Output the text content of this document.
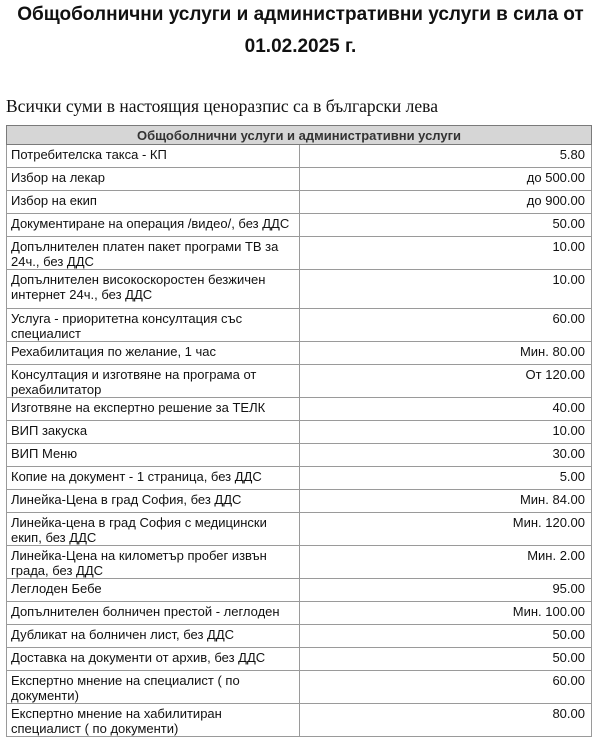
Общоболнични услуги и административни услуги в сила от
01.02.2025 г.
Всички суми в настоящия ценоразпис са в български лева
Общоболнични услуги и административни услуги	
Потребителска такса - КП	5.80
Избор на лекар	до 500.00
Избор на екип	до 900.00
Документиране на операция /видео/, без ДДС	50.00
Допълнителен платен пакет програми ТВ за 24ч., без ДДС	10.00
Допълнителен високоскоростен безжичен интернет 24ч., без ДДС	10.00
Услуга - приоритетна консултация със специалист	60.00
Рехабилитация по желание, 1 час	Мин. 80.00
Консултация и изготвяне на програма от рехабилитатор	От 120.00
Изготвяне на експертно решение за ТЕЛК	40.00
ВИП закуска	10.00
ВИП Меню	30.00
Копие на документ - 1 страница, без ДДС	5.00
Линейка-Цена в град София, без ДДС	Мин. 84.00
Линейка-цена в град София с медицински екип, без ДДС	Мин. 120.00
Линейка-Цена на километър пробег извън града, без ДДС	Мин. 2.00
Леглоден Бебе	95.00
Допълнителен болничен престой - леглоден	Мин. 100.00
Дубликат на болничен лист, без ДДС	50.00
Доставка на документи от архив, без ДДС	50.00
Експертно мнение на специалист ( по документи)	60.00
Експертно мнение на хабилитиран специалист ( по документи)	80.00
